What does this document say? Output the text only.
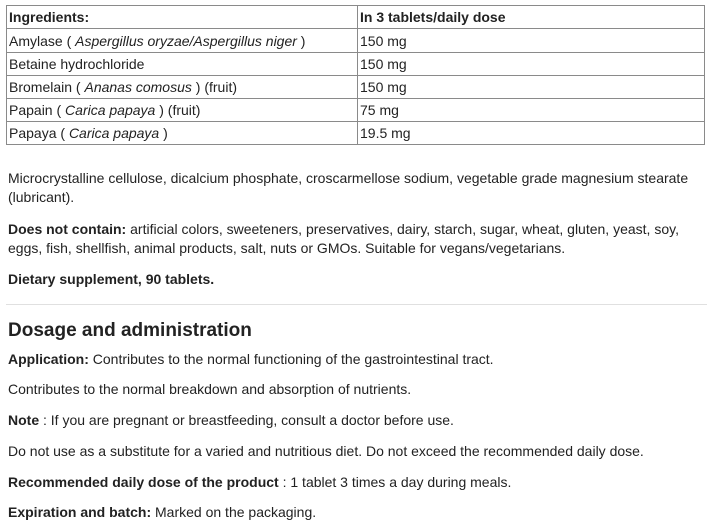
Ingredients:	In 3 tablets/daily dose
Amylase ( Aspergillus oryzae/Aspergillus niger )	150 mg
Betaine hydrochloride	150 mg
Bromelain ( Ananas comosus ) (fruit)	150 mg
Papain ( Carica papaya ) (fruit)	75 mg
Papaya ( Carica papaya )	19.5 mg

Microcrystalline cellulose, dicalcium phosphate, croscarmellose sodium, vegetable grade magnesium stearate (lubricant).

Does not contain: artificial colors, sweeteners, preservatives, dairy, starch, sugar, wheat, gluten, yeast, soy, eggs, fish, shellfish, animal products, salt, nuts or GMOs. Suitable for vegans/vegetarians.

Dietary supplement, 90 tablets.

Dosage and administration

Application: Contributes to the normal functioning of the gastrointestinal tract.

Contributes to the normal breakdown and absorption of nutrients.

Note : If you are pregnant or breastfeeding, consult a doctor before use.

Do not use as a substitute for a varied and nutritious diet. Do not exceed the recommended daily dose.

Recommended daily dose of the product : 1 tablet 3 times a day during meals.

Expiration and batch: Marked on the packaging.
